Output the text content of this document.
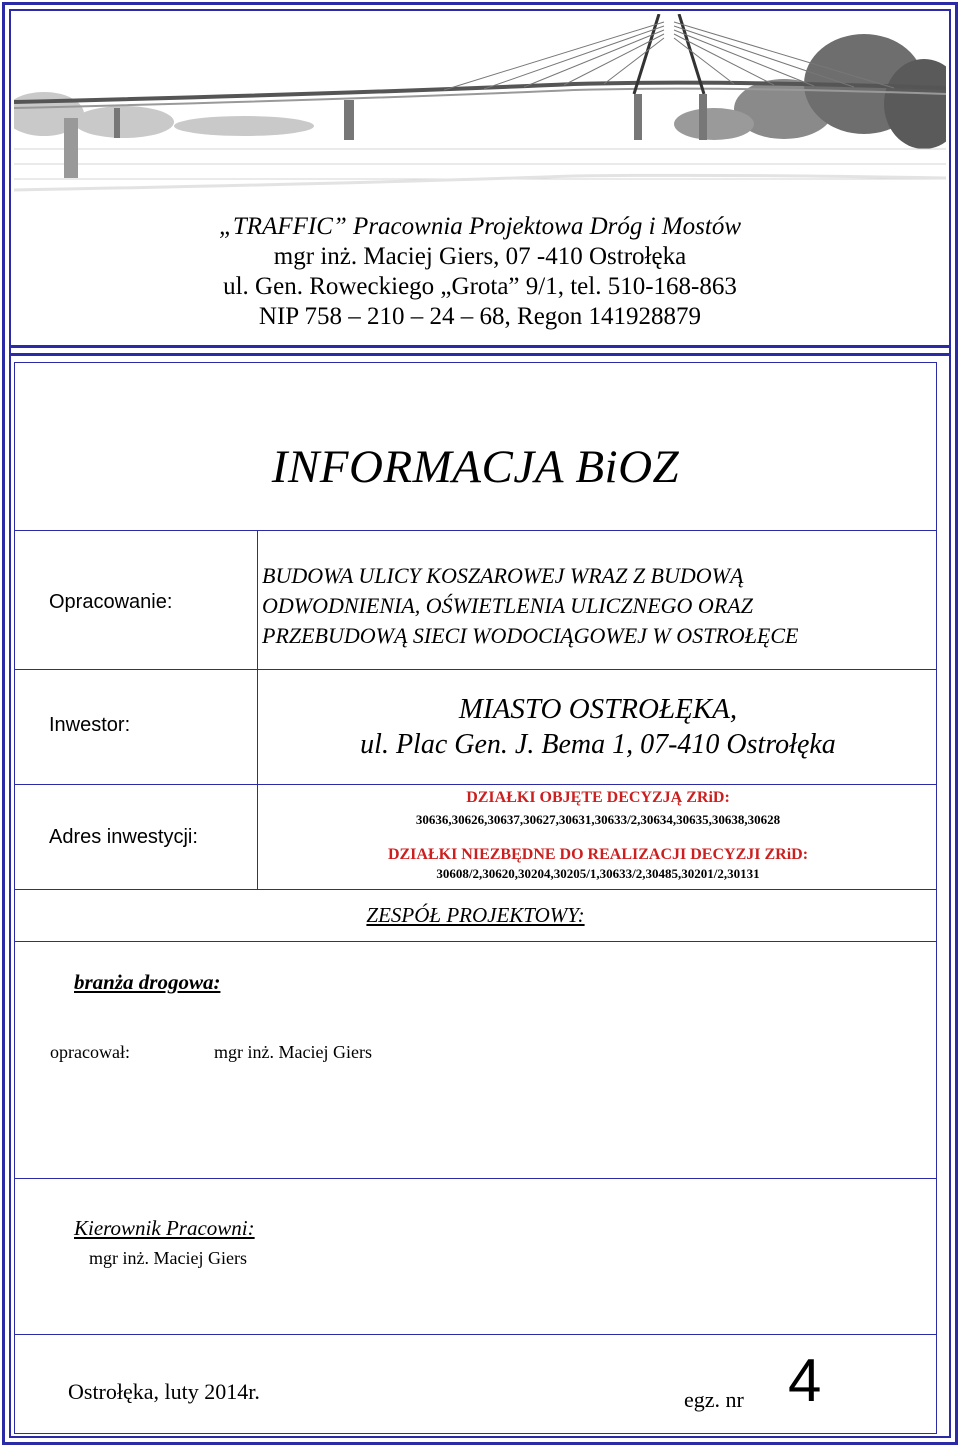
„TRAFFIC” Pracownia Projektowa Dróg i Mostów
mgr inż. Maciej Giers, 07 -410 Ostrołęka
ul. Gen. Roweckiego „Grota” 9/1, tel. 510-168-863
NIP 758 – 210 – 24 – 68, Regon 141928879
INFORMACJA BiOZ
Opracowanie:
BUDOWA ULICY KOSZAROWEJ WRAZ Z BUDOWĄ
ODWODNIENIA, OŚWIETLENIA ULICZNEGO ORAZ
PRZEBUDOWĄ SIECI WODOCIĄGOWEJ W OSTROŁĘCE
Inwestor:	MIASTO OSTROŁĘKA,
ul. Plac Gen. J. Bema 1, 07-410 Ostrołęka
Adres inwestycji:
DZIAŁKI OBJĘTE DECYZJĄ ZRiD:
30636,30626,30637,30627,30631,30633/2,30634,30635,30638,30628
DZIAŁKI NIEZBĘDNE DO REALIZACJI DECYZJI ZRiD:
30608/2,30620,30204,30205/1,30633/2,30485,30201/2,30131
ZESPÓŁ PROJEKTOWY:
branża drogowa:
opracował:	mgr inż. Maciej Giers
Kierownik Pracowni:
mgr inż. Maciej Giers
Ostrołęka, luty 2014r.	egz. nr 4
